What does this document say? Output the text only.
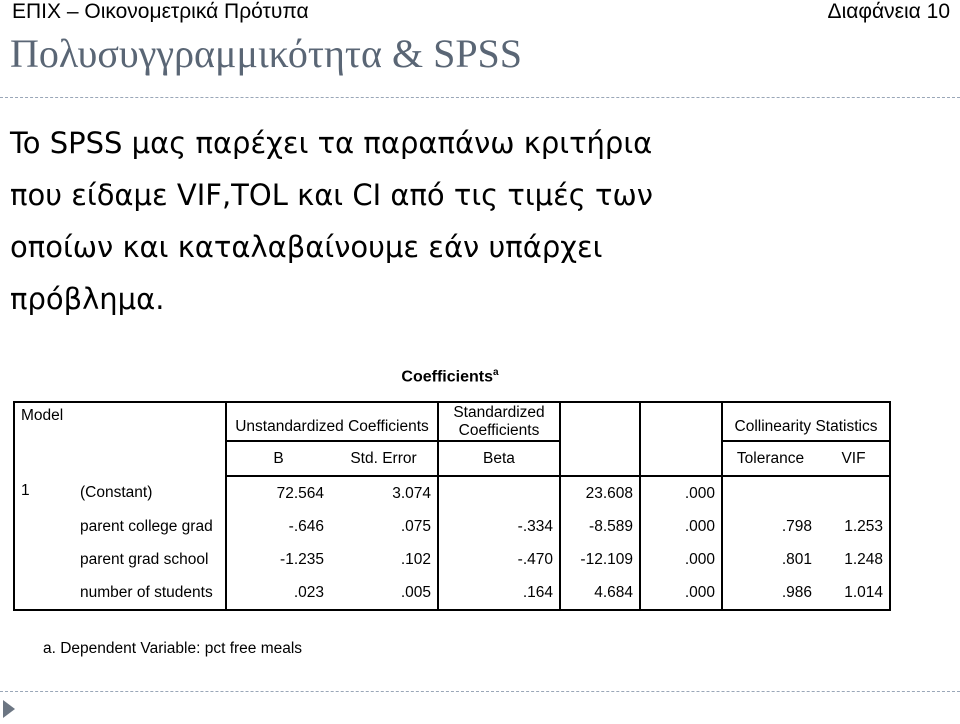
ΕΠΙΧ – Οικονομετρικά Πρότυπα	Διαφάνεια 10
Πολυσυγγραμμικότητα & SPSS
To SPSS μας παρέχει τα παραπάνω κριτήρια που είδαμε VIF,TOL και CI από τις τιμές των οποίων και καταλαβαίνουμε εάν υπάρχει πρόβλημα.
Coefficients$^a$
Model		Unstandardized Coefficients		Standardized
Coefficients			Collinearity Statistics	
		B	Std. Error	Beta			Tolerance	VIF
1	(Constant)	72.564	3.074		23.608	.000		
	parent college grad	-.646	.075	-.334	-8.589	.000	.798	1.253
	parent grad school	-1.235	.102	-.470	-12.109	.000	.801	1.248
	number of students	.023	.005	.164	4.684	.000	.986	1.014
a. Dependent Variable: pct free meals
